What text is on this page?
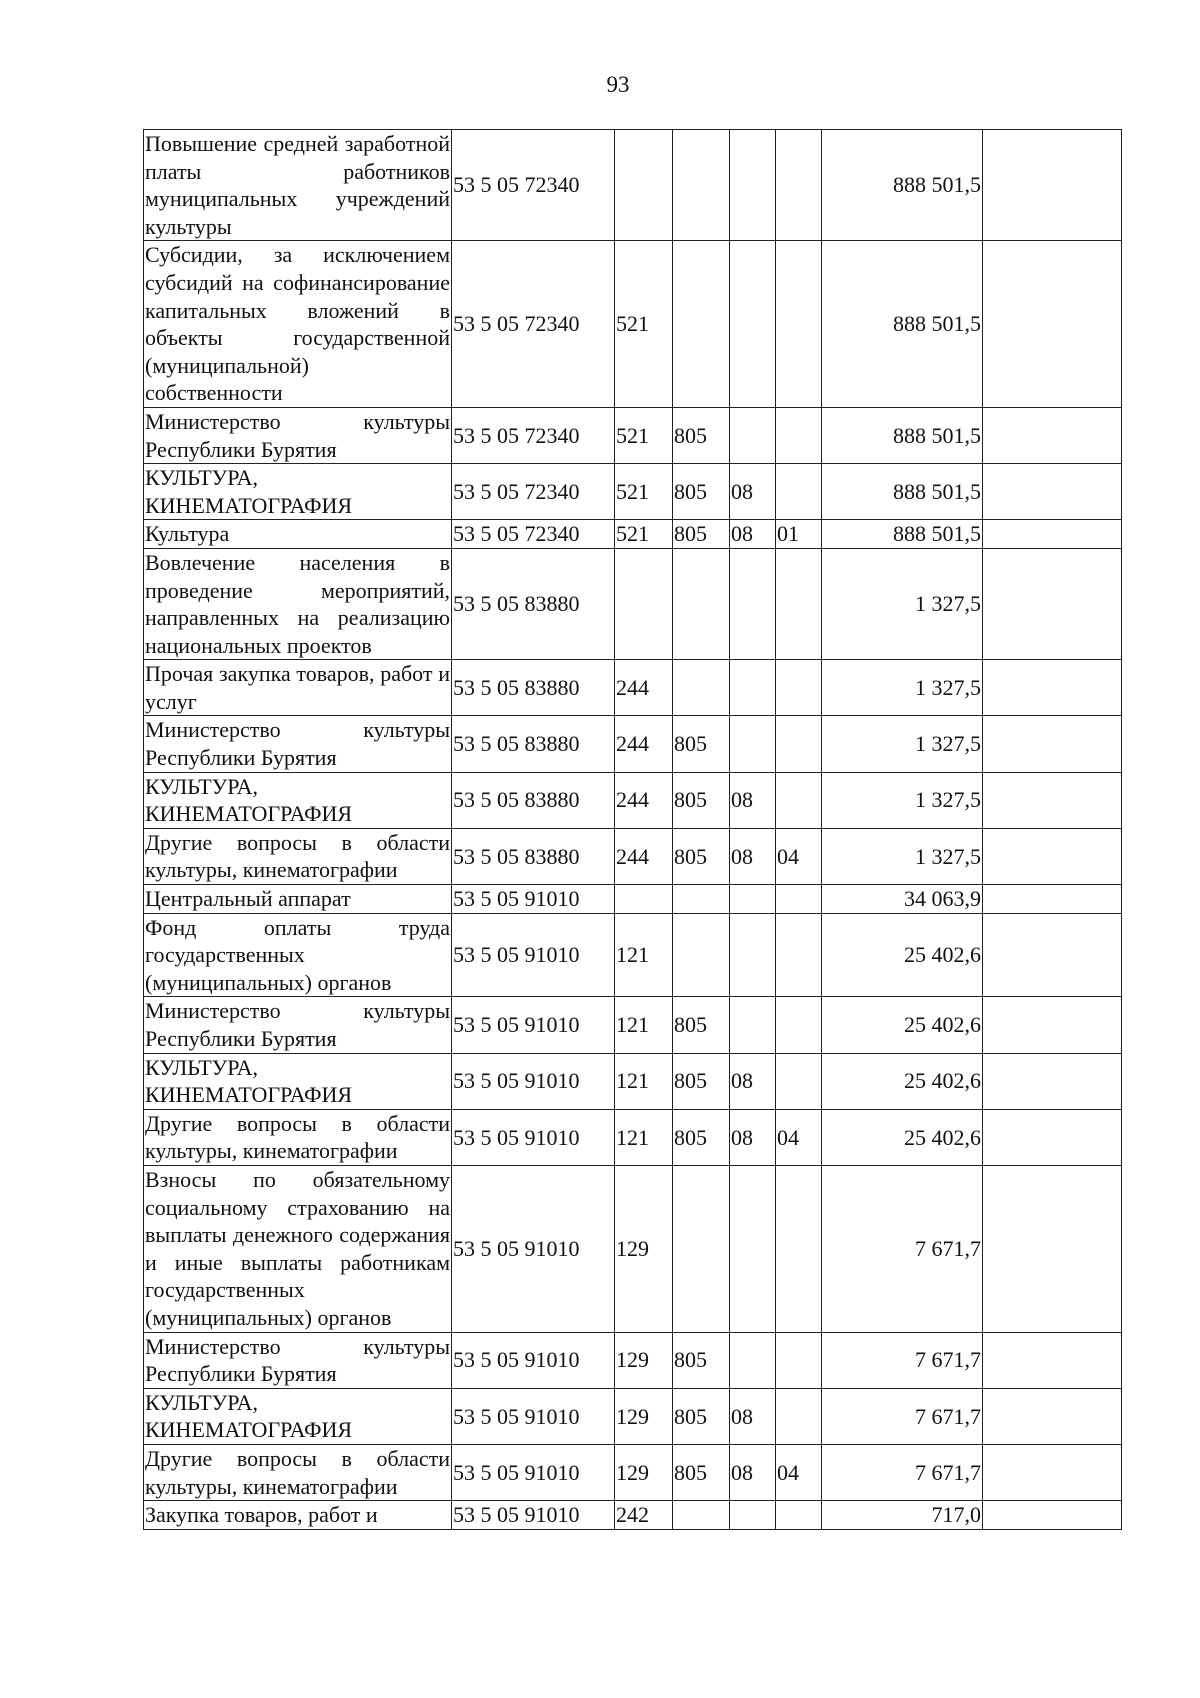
93
Повышение средней заработной платы работников муниципальных учреждений культуры	53 5 05 72340					888 501,5	
Субсидии, за исключением субсидий на софинансирование капитальных вложений в объекты государственной (муниципальной) собственности	53 5 05 72340	521				888 501,5	
Министерство культуры Республики Бурятия	53 5 05 72340	521	805			888 501,5	
КУЛЬТУРА, КИНЕМАТОГРАФИЯ	53 5 05 72340	521	805	08		888 501,5	
Культура	53 5 05 72340	521	805	08	01	888 501,5	
Вовлечение населения в проведение мероприятий, направленных на реализацию национальных проектов	53 5 05 83880					1 327,5	
Прочая закупка товаров, работ и услуг	53 5 05 83880	244				1 327,5	
Министерство культуры Республики Бурятия	53 5 05 83880	244	805			1 327,5	
КУЛЬТУРА, КИНЕМАТОГРАФИЯ	53 5 05 83880	244	805	08		1 327,5	
Другие вопросы в области культуры, кинематографии	53 5 05 83880	244	805	08	04	1 327,5	
Центральный аппарат	53 5 05 91010					34 063,9	
Фонд оплаты труда государственных (муниципальных) органов	53 5 05 91010	121				25 402,6	
Министерство культуры Республики Бурятия	53 5 05 91010	121	805			25 402,6	
КУЛЬТУРА, КИНЕМАТОГРАФИЯ	53 5 05 91010	121	805	08		25 402,6	
Другие вопросы в области культуры, кинематографии	53 5 05 91010	121	805	08	04	25 402,6	
Взносы по обязательному социальному страхованию на выплаты денежного содержания и иные выплаты работникам государственных (муниципальных) органов	53 5 05 91010	129				7 671,7	
Министерство культуры Республики Бурятия	53 5 05 91010	129	805			7 671,7	
КУЛЬТУРА, КИНЕМАТОГРАФИЯ	53 5 05 91010	129	805	08		7 671,7	
Другие вопросы в области культуры, кинематографии	53 5 05 91010	129	805	08	04	7 671,7	
Закупка товаров, работ и	53 5 05 91010	242				717,0	
